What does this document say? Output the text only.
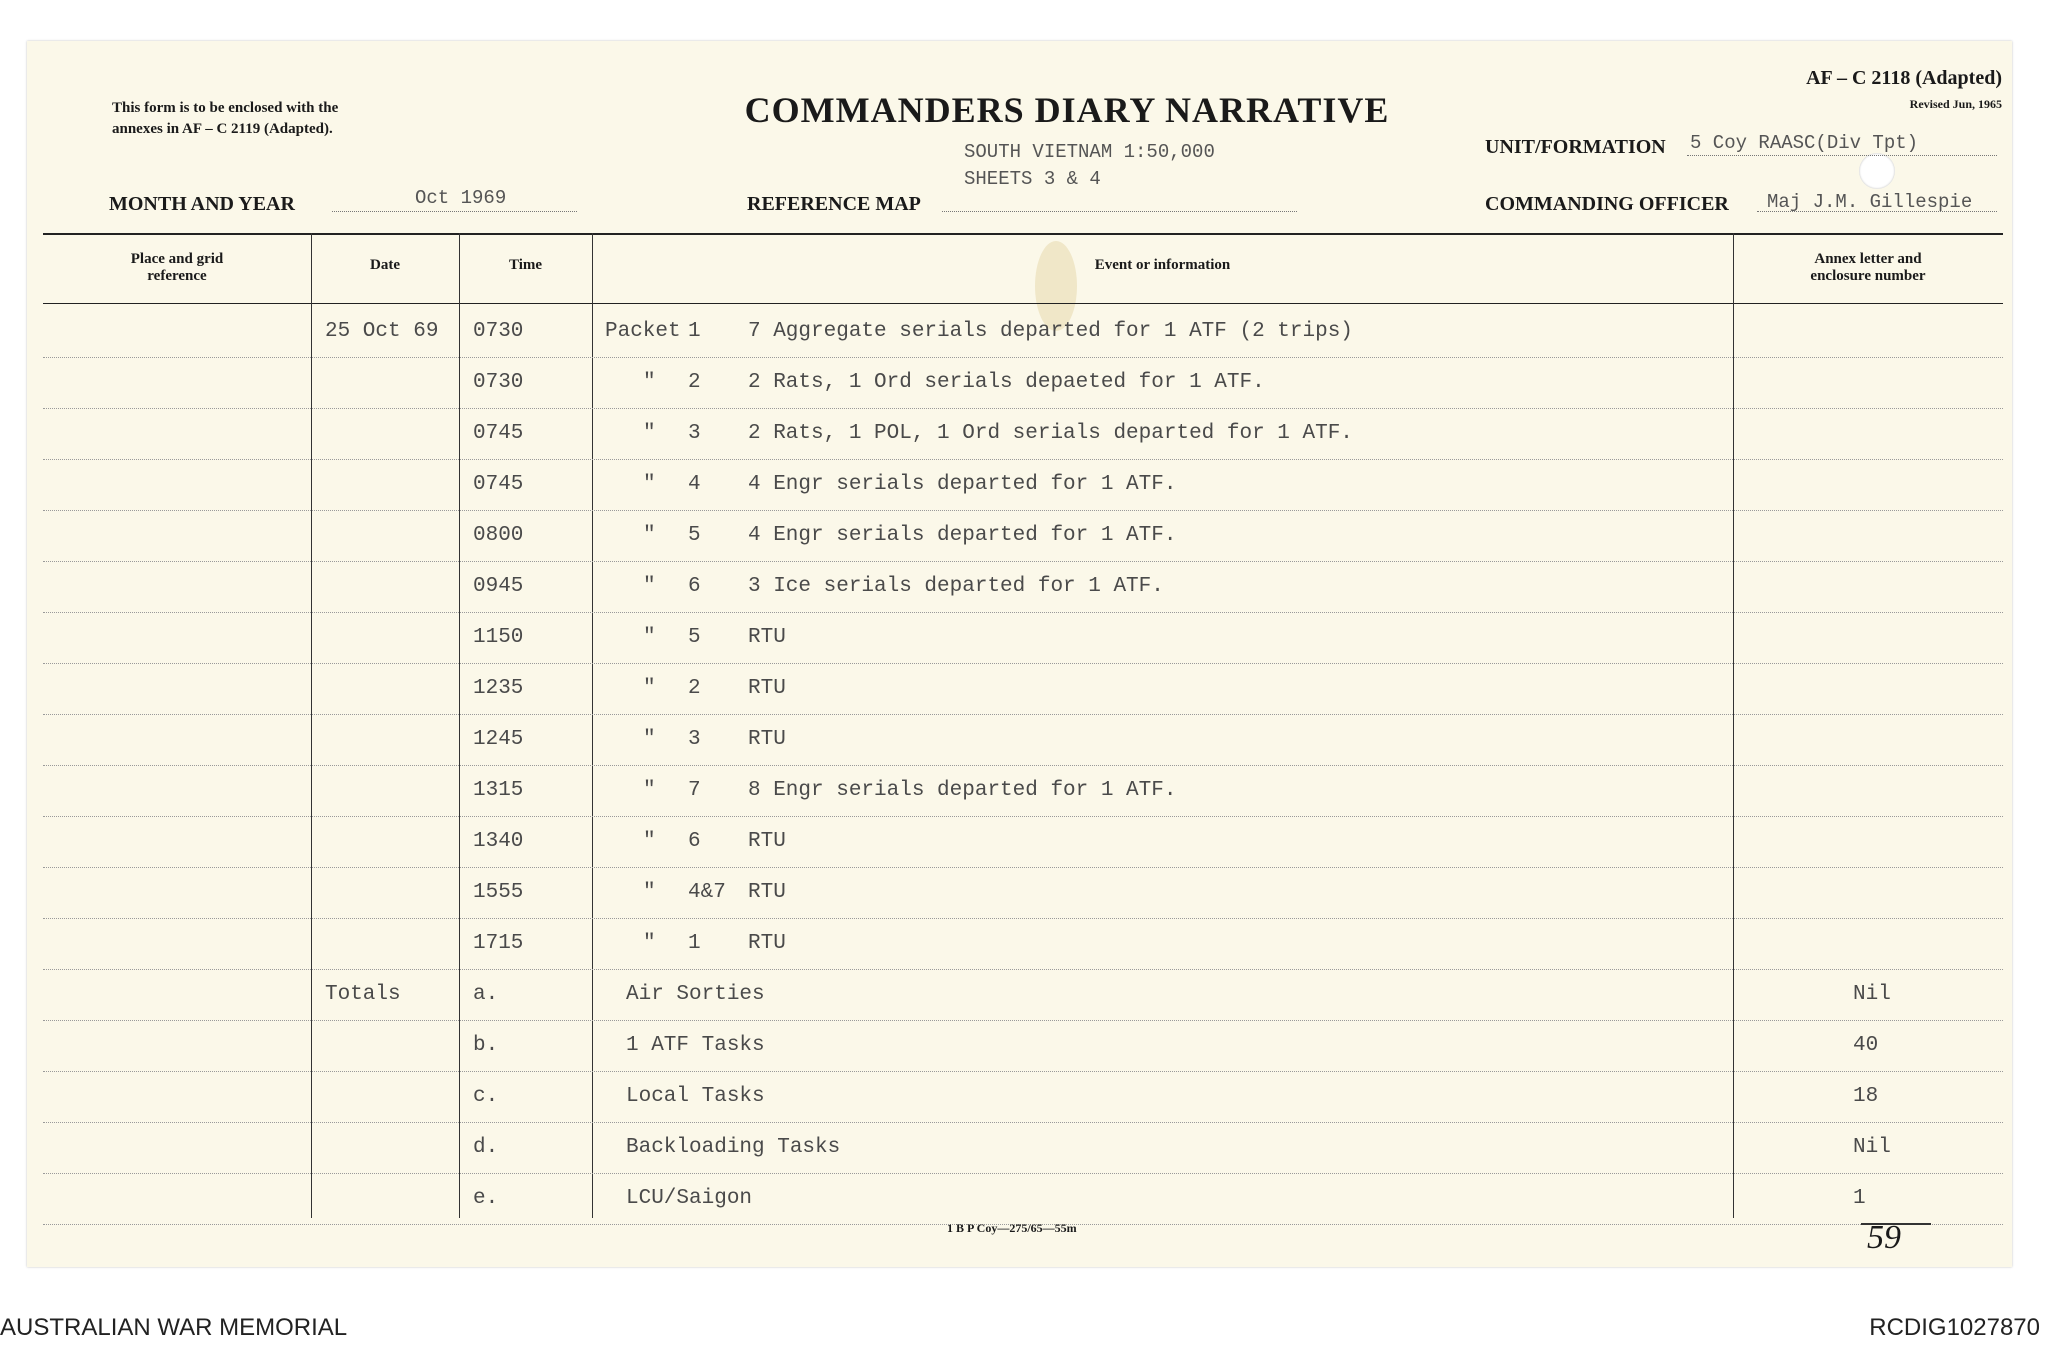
This form is to be enclosed with the
annexes in AF – C 2119 (Adapted).	COMMANDERS DIARY NARRATIVE
AF – C 2118 (Adapted)
Revised Jun, 1965
MONTH AND YEAR	Oct 1969	REFERENCE MAP
SOUTH VIETNAM 1:50,000
SHEETS 3 & 4
UNIT/FORMATION 5 Coy RAASC(Div Tpt)
COMMANDING OFFICER Maj J.M. Gillespie
Place and grid
reference
Date	Time	Event or information	Annex letter and
enclosure number
25 Oct 69 0730	Packet 1 7 Aggregate serials departed for 1 ATF (2 trips)
0730	" 2 2 Rats, 1 Ord serials depaeted for 1 ATF.
0745	" 3 2 Rats, 1 POL, 1 Ord serials departed for 1 ATF.
0745	" 4 4 Engr serials departed for 1 ATF.
0800	" 5 4 Engr serials departed for 1 ATF.
0945	" 6 3 Ice serials departed for 1 ATF.
1150	" 5 RTU
1235	" 2 RTU
1245	" 3 RTU
1315	" 7 8 Engr serials departed for 1 ATF.
1340	" 6 RTU
1555	" 4&7 RTU
1715	" 1 RTU
Totals	a.	Air Sorties	Nil
b.	1 ATF Tasks	40
c.	Local Tasks	18
d.	Backloading Tasks	Nil
e.	LCU/Saigon	1
1 B P Coy—275/65—55m	59
AUSTRALIAN WAR MEMORIAL	RCDIG1027870
